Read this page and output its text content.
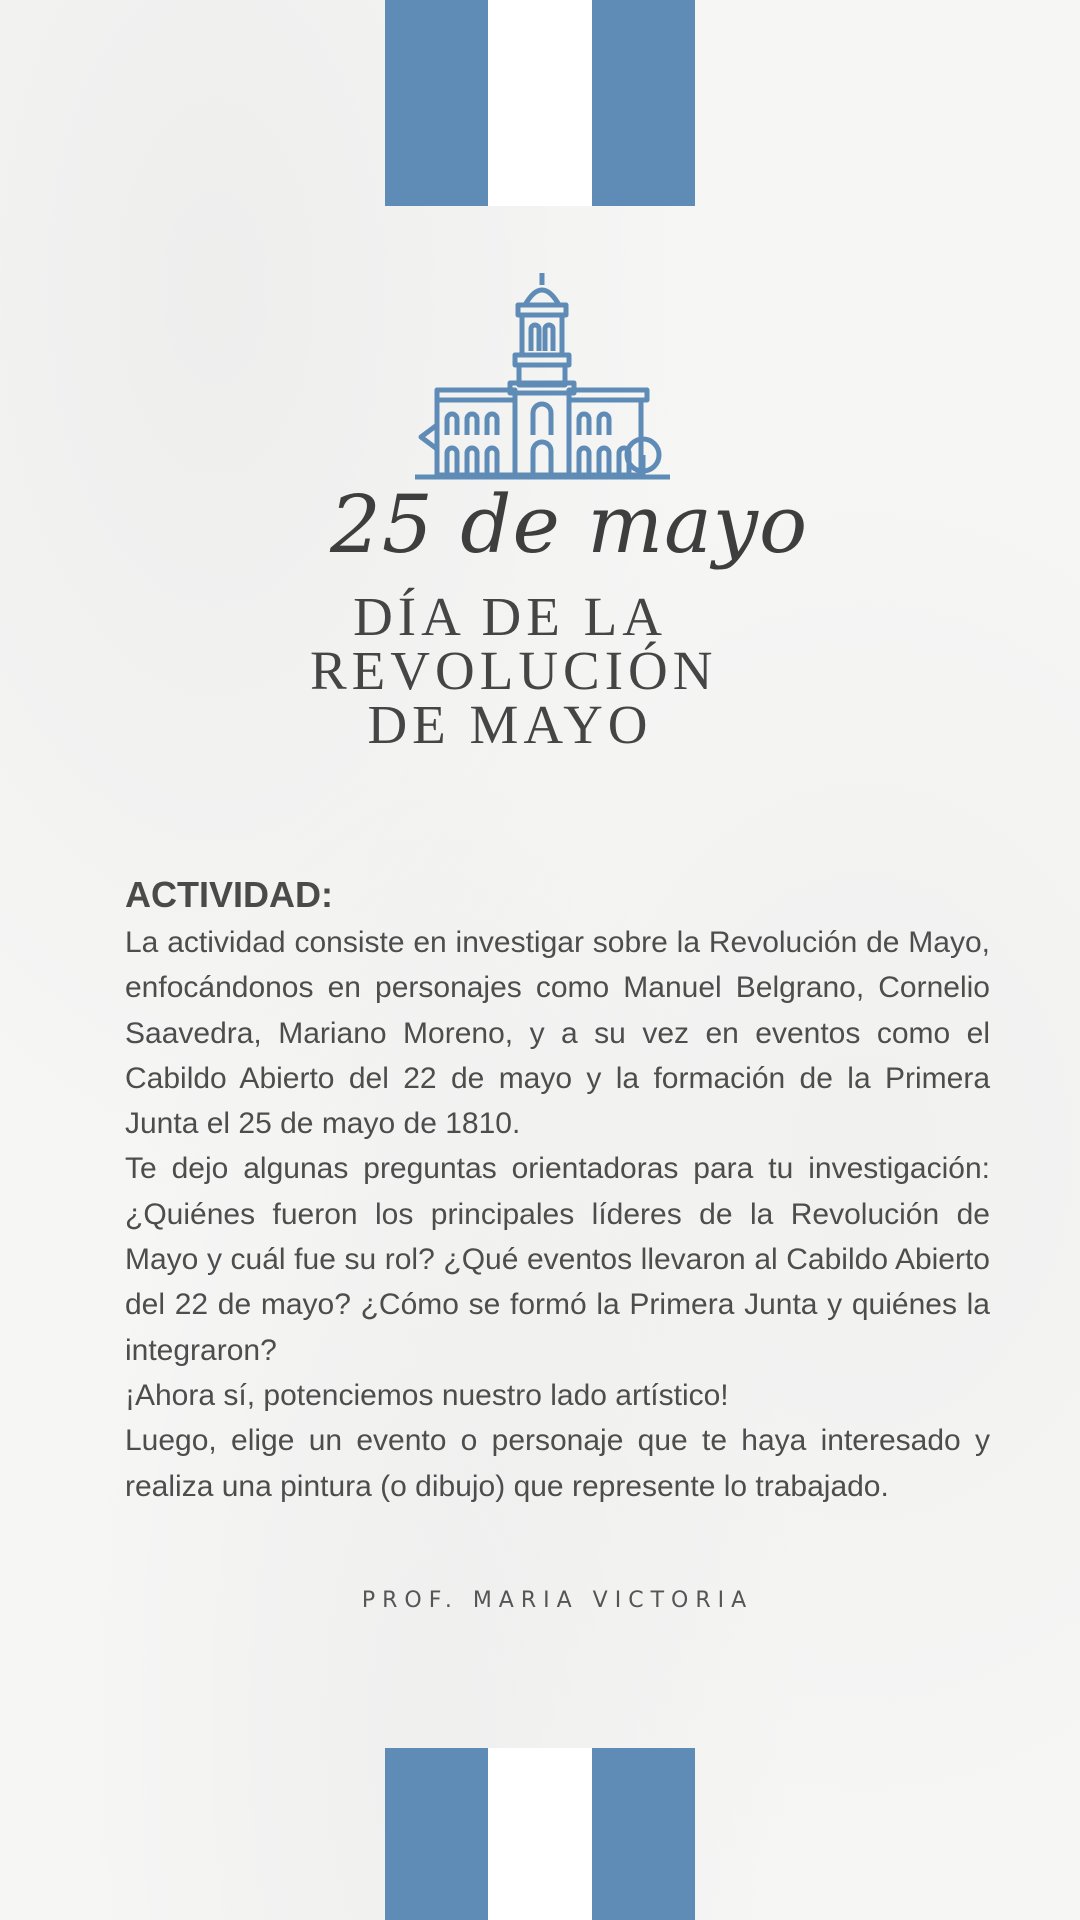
25 de mayo
DÍA DE LA
REVOLUCIÓN
DE MAYO

ACTIVIDAD:

La actividad consiste en investigar sobre la Revolución de Mayo, enfocándonos en personajes como Manuel Belgrano, Cornelio Saavedra, Mariano Moreno, y a su vez en eventos como el Cabildo Abierto del 22 de mayo y la formación de la Primera Junta el 25 de mayo de 1810.

Te dejo algunas preguntas orientadoras para tu investigación: ¿Quiénes fueron los principales líderes de la Revolución de Mayo y cuál fue su rol? ¿Qué eventos llevaron al Cabildo Abierto del 22 de mayo? ¿Cómo se formó la Primera Junta y quiénes la integraron?

¡Ahora sí, potenciemos nuestro lado artístico!

Luego, elige un evento o personaje que te haya interesado y realiza una pintura (o dibujo) que represente lo trabajado.

PROF. MARIA VICTORIA
